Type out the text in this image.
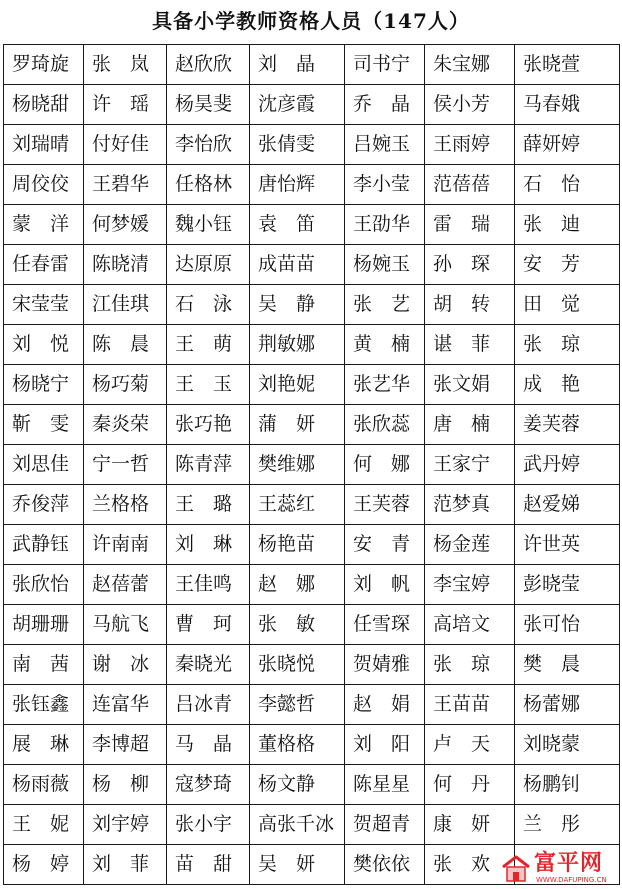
具备小学教师资格人员（147人）
罗琦旋	张　岚	赵欣欣	刘　晶	司书宁	朱宝娜	张晓萱
杨晓甜	许　瑶	杨昊斐	沈彦霞	乔　晶	侯小芳	马春娥
刘瑞晴	付好佳	李怡欣	张倩雯	吕婉玉	王雨婷	薛妍婷
周佼佼	王碧华	任格林	唐怡辉	李小莹	范蓓蓓	石　怡
蒙　洋	何梦媛	魏小钰	袁　笛	王劭华	雷　瑞	张　迪
任春雷	陈晓清	达原原	成苗苗	杨婉玉	孙　琛	安　芳
宋莹莹	江佳琪	石　泳	吴　静	张　艺	胡　转	田　觉
刘　悦	陈　晨	王　萌	荆敏娜	黄　楠	谌　菲	张　琼
杨晓宁	杨巧菊	王　玉	刘艳妮	张艺华	张文娟	成　艳
靳　雯	秦炎荣	张巧艳	蒲　妍	张欣蕊	唐　楠	姜芙蓉
刘思佳	宁一哲	陈青萍	樊维娜	何　娜	王家宁	武丹婷
乔俊萍	兰格格	王　璐	王蕊红	王芙蓉	范梦真	赵爱娣
武静钰	许南南	刘　琳	杨艳苗	安　青	杨金莲	许世英
张欣怡	赵蓓蕾	王佳鸣	赵　娜	刘　帆	李宝婷	彭晓莹
胡珊珊	马航飞	曹　珂	张　敏	任雪琛	高培文	张可怡
南　茜	谢　冰	秦晓光	张晓悦	贺婧雅	张　琼	樊　晨
张钰鑫	连富华	吕冰青	李懿哲	赵　娟	王苗苗	杨蕾娜
展　琳	李博超	马　晶	董格格	刘　阳	卢　天	刘晓蒙
杨雨薇	杨　柳	寇梦琦	杨文静	陈星星	何　丹	杨鹏钊
王　妮	刘宇婷	张小宇	高张千冰	贺超青	康　妍	兰　彤
杨　婷	刘　菲	苗　甜	吴　妍	樊依依	张　欢	富平网
WWW.DAFUPING.CN
